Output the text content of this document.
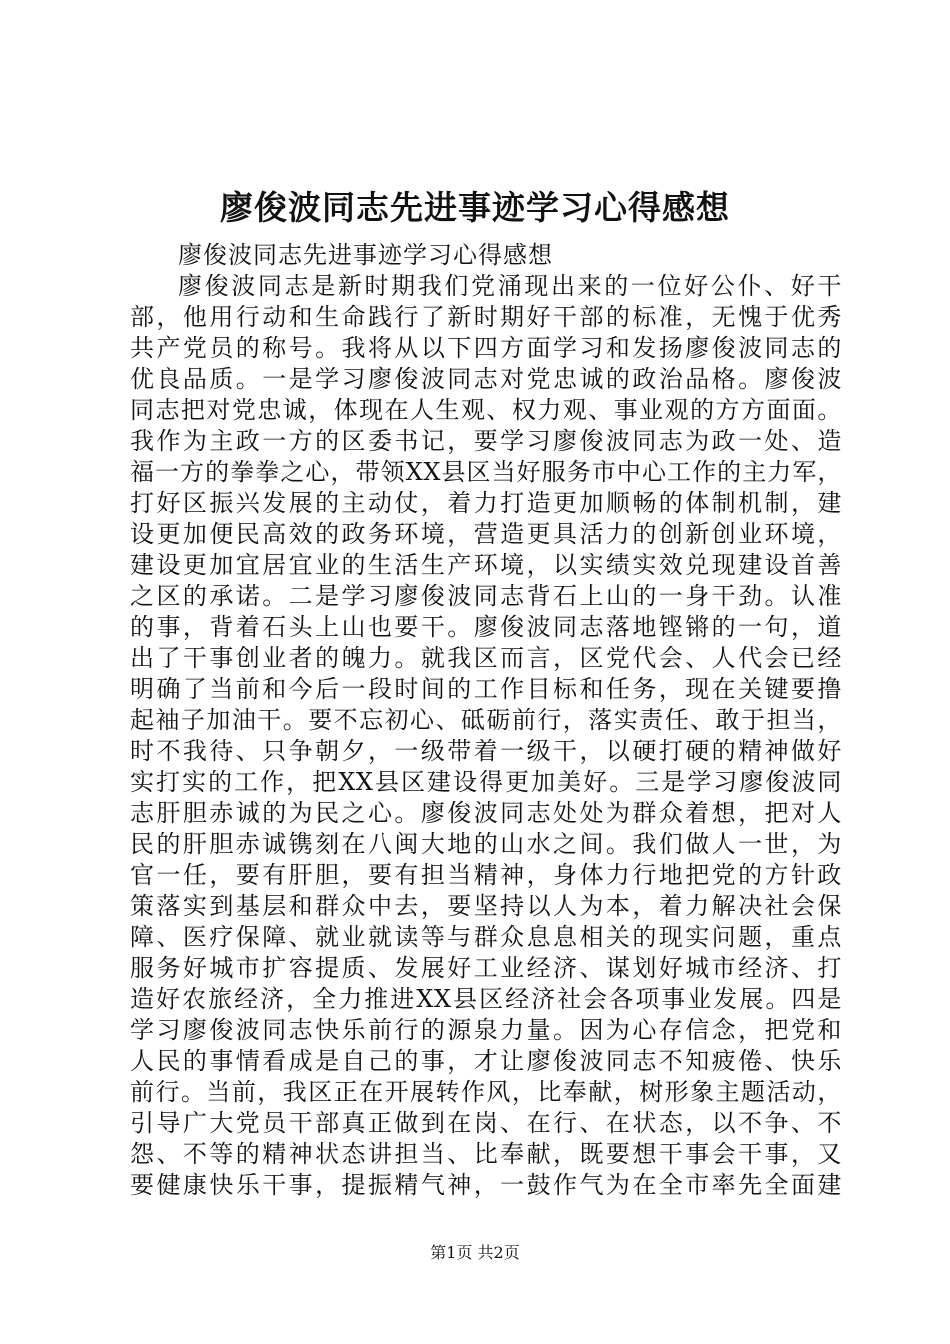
廖俊波同志先进事迹学习心得感想

廖俊波同志先进事迹学习心得感想

廖俊波同志是新时期我们党涌现出来的一位好公仆、好干

部，他用行动和生命践行了新时期好干部的标准，无愧于优秀

共产党员的称号。我将从以下四方面学习和发扬廖俊波同志的

优良品质。一是学习廖俊波同志对党忠诚的政治品格。廖俊波

同志把对党忠诚，体现在人生观、权力观、事业观的方方面面。

我作为主政一方的区委书记，要学习廖俊波同志为政一处、造

福一方的拳拳之心，带领XX县区当好服务市中心工作的主力军，

打好区振兴发展的主动仗，着力打造更加顺畅的体制机制，建

设更加便民高效的政务环境，营造更具活力的创新创业环境，

建设更加宜居宜业的生活生产环境，以实绩实效兑现建设首善

之区的承诺。二是学习廖俊波同志背石上山的一身干劲。认准

的事，背着石头上山也要干。廖俊波同志落地铿锵的一句，道

出了干事创业者的魄力。就我区而言，区党代会、人代会已经

明确了当前和今后一段时间的工作目标和任务，现在关键要撸

起袖子加油干。要不忘初心、砥砺前行，落实责任、敢于担当，

时不我待、只争朝夕，一级带着一级干，以硬打硬的精神做好

实打实的工作，把XX县区建设得更加美好。三是学习廖俊波同

志肝胆赤诚的为民之心。廖俊波同志处处为群众着想，把对人

民的肝胆赤诚镌刻在八闽大地的山水之间。我们做人一世，为

官一任，要有肝胆，要有担当精神，身体力行地把党的方针政

策落实到基层和群众中去，要坚持以人为本，着力解决社会保

障、医疗保障、就业就读等与群众息息相关的现实问题，重点

服务好城市扩容提质、发展好工业经济、谋划好城市经济、打

造好农旅经济，全力推进XX县区经济社会各项事业发展。四是

学习廖俊波同志快乐前行的源泉力量。因为心存信念，把党和

人民的事情看成是自己的事，才让廖俊波同志不知疲倦、快乐

前行。当前，我区正在开展转作风，比奉献，树形象主题活动，

引导广大党员干部真正做到在岗、在行、在状态，以不争、不

怨、不等的精神状态讲担当、比奉献，既要想干事会干事，又

要健康快乐干事，提振精气神，一鼓作气为在全市率先全面建

第1页 共2页
